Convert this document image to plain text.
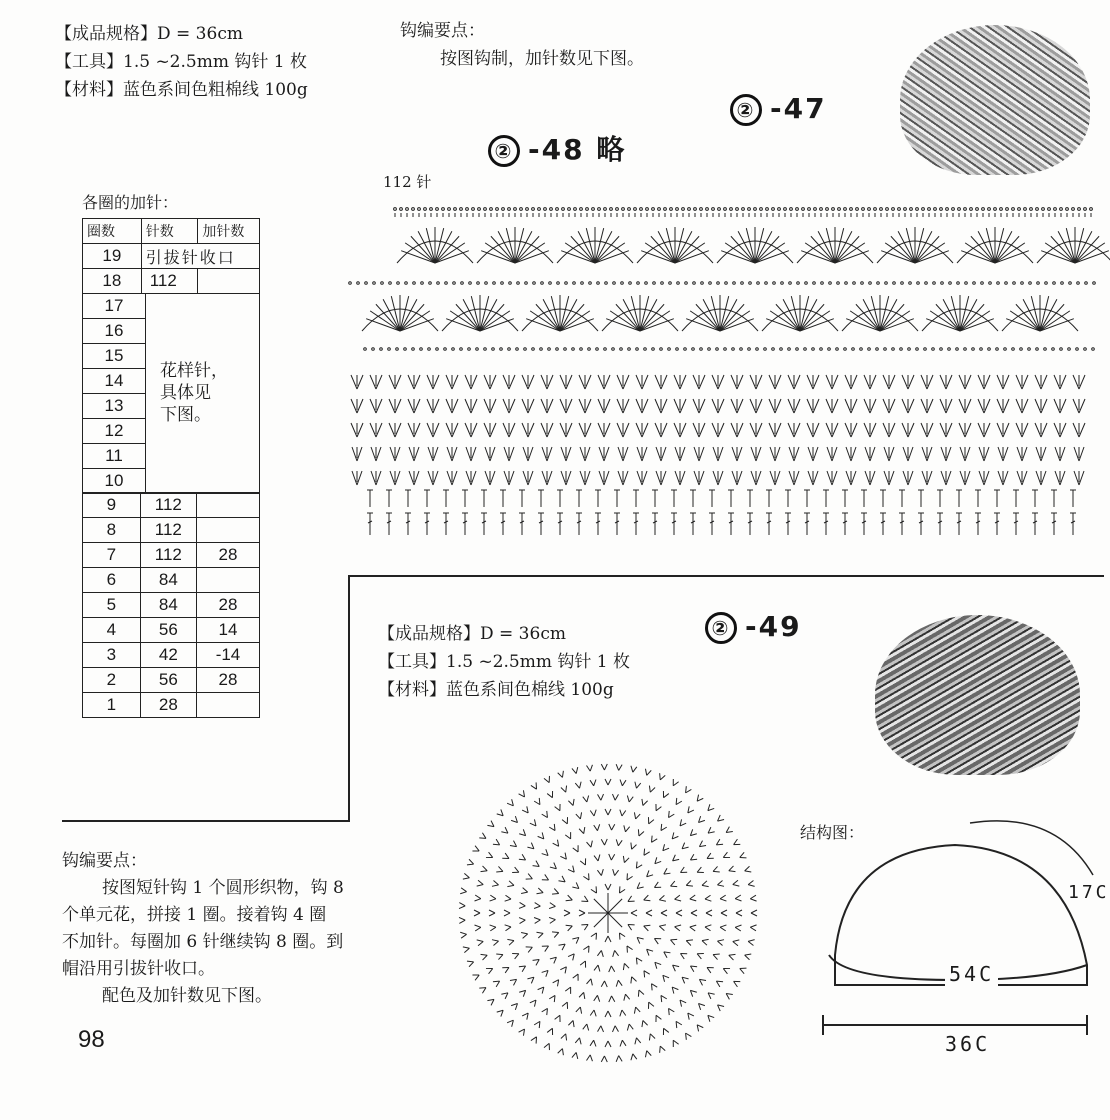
【成品规格】D = 36cm
【工具】1.5 ~2.5mm 钩针 1 枚
【材料】蓝色系间色粗棉线 100g
钩编要点：
按图钩制，加针数见下图。
② -47
② -48 略
② -49
112 针
各圈的加针：
圈数	针数	加针数
19	引拔针收口	
18	112	
17	
花样针，
具体见
下图。

16
15
14
13
12
11
10
9	112	
8	112	
7	112	28
6	84	
5	84	28
4	56	14
3	42	-14
2	56	28
1	28	
【成品规格】D = 36cm
【工具】1.5 ~2.5mm 钩针 1 枚
【材料】蓝色系间色棉线 100g
钩编要点：
按图短针钩 1 个圆形织物，钩 8
个单元花，拼接 1 圈。接着钩 4 圈
不加针。每圈加 6 针继续钩 8 圈。到
帽沿用引拔针收口。
配色及加针数见下图。
98
结构图：
54C
36C
17C
